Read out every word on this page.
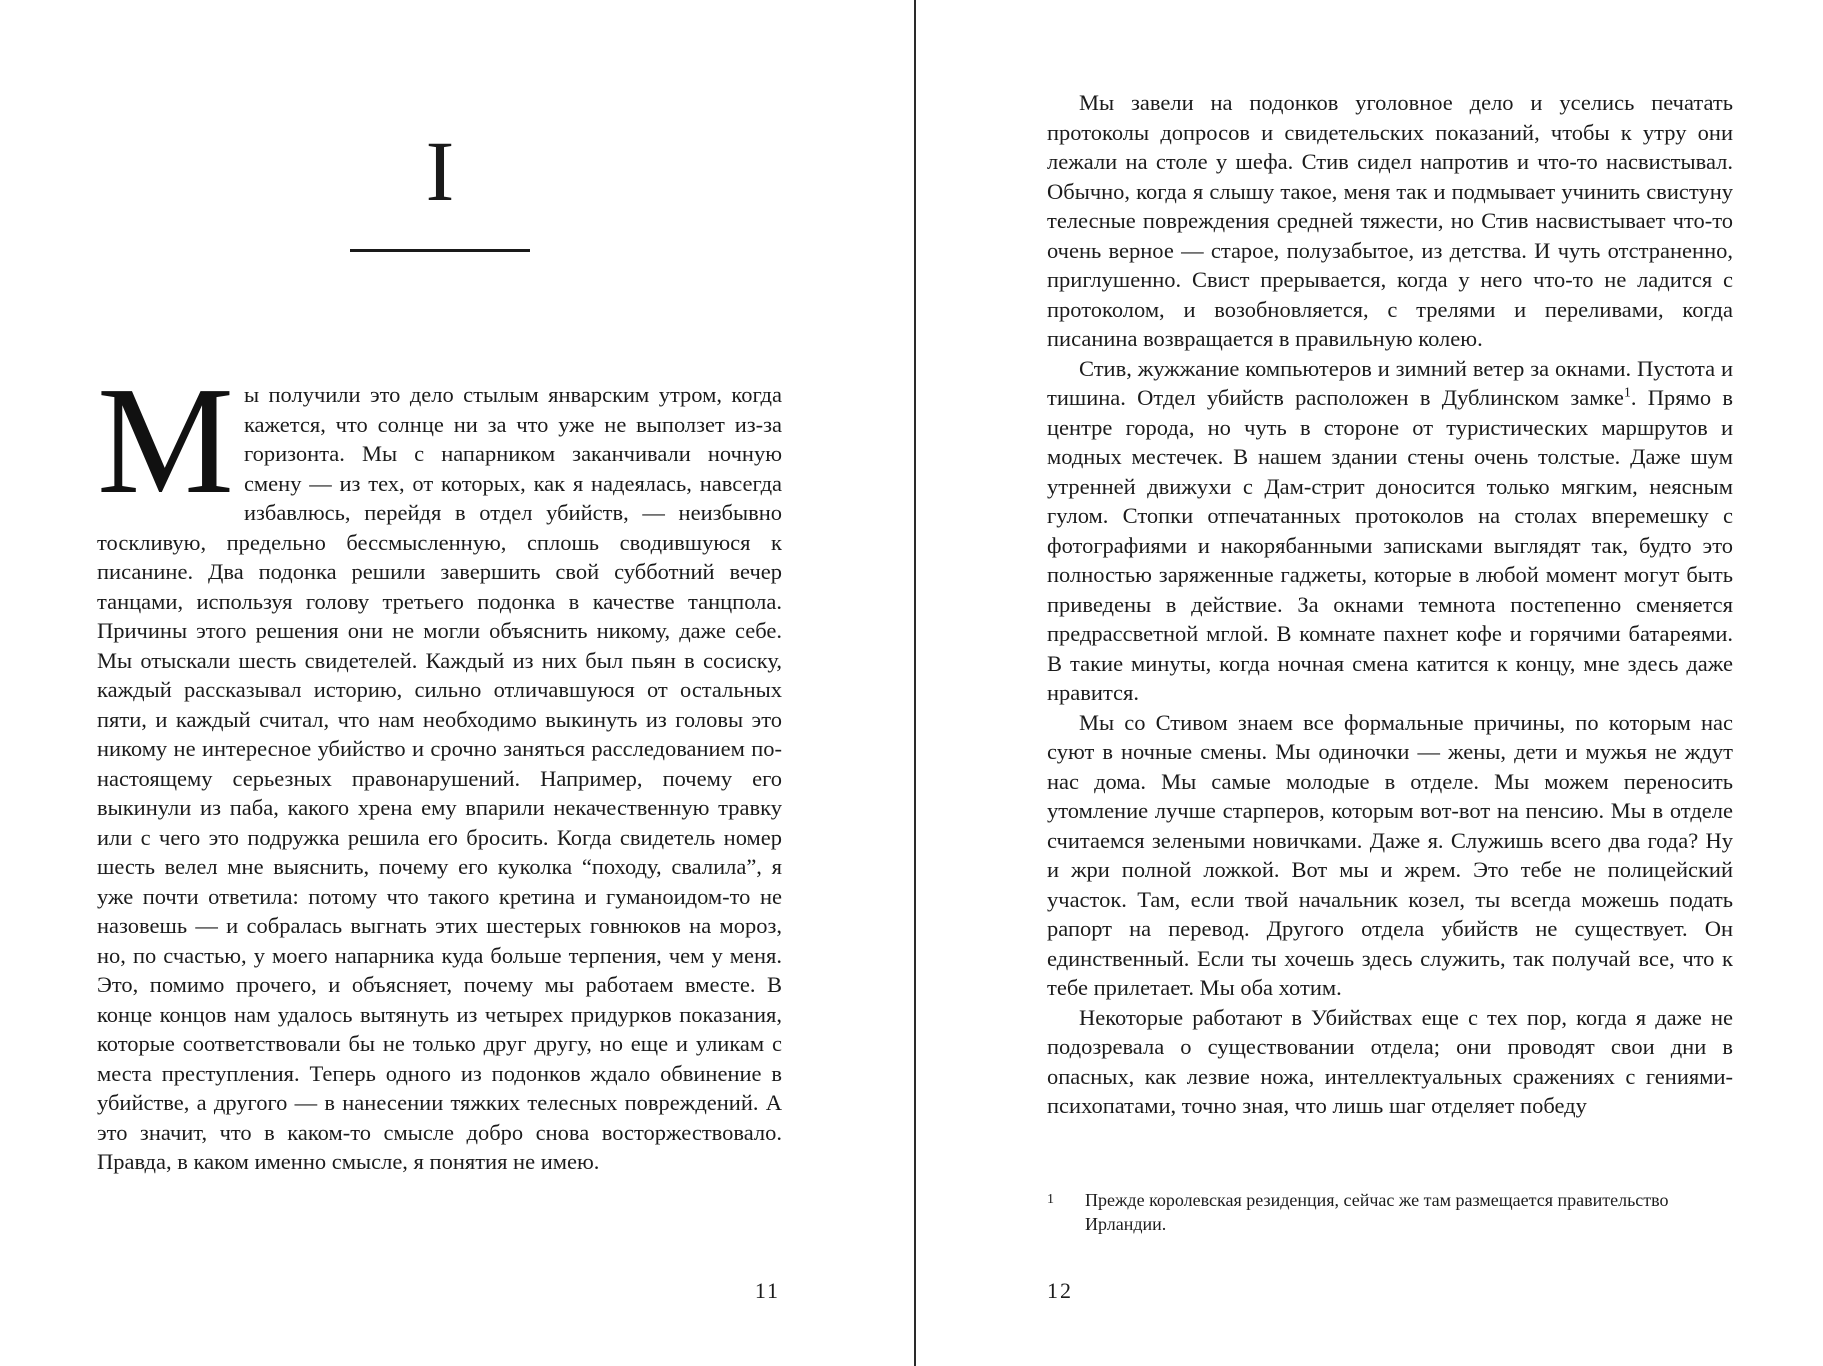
I
М ы получили это дело стылым январским утром, когда кажется, что солнце ни за что уже не выползет из-за горизонта. Мы с напарником заканчивали ночную смену — из тех, от которых, как я надеялась, навсегда избавлюсь, перейдя в отдел убийств, — неизбывно тоскливую, предельно бессмысленную, сплошь сводившуюся к писанине. Два подонка решили завершить свой субботний вечер танцами, используя голову третьего подонка в качестве танцпола. Причины этого решения они не могли объяснить никому, даже себе. Мы отыскали шесть свидетелей. Каждый из них был пьян в сосиску, каждый рассказывал историю, сильно отличавшуюся от остальных пяти, и каждый считал, что нам необходимо выкинуть из головы это никому не интересное убийство и срочно заняться расследованием по-настоящему серьезных правонарушений. Например, почему его выкинули из паба, какого хрена ему впарили некачественную травку или с чего это подружка решила его бросить. Когда свидетель номер шесть велел мне выяснить, почему его куколка “походу, свалила”, я уже почти ответила: потому что такого кретина и гуманоидом-то не назовешь — и собралась выгнать этих шестерых говнюков на мороз, но, по счастью, у моего напарника куда больше терпения, чем у меня. Это, помимо прочего, и объясняет, почему мы работаем вместе. В конце концов нам удалось вытянуть из четырех придурков показания, которые соответствовали бы не только друг другу, но еще и уликам с места преступления. Теперь одного из подонков ждало обвинение в убийстве, а другого — в нанесении тяжких телесных повреждений. А это значит, что в каком-то смысле добро снова восторжествовало. Правда, в каком именно смысле, я понятия не имею.
11

Мы завели на подонков уголовное дело и уселись печатать протоколы допросов и свидетельских показаний, чтобы к утру они лежали на столе у шефа. Стив сидел напротив и что-то насвистывал. Обычно, когда я слышу такое, меня так и подмывает учинить свистуну телесные повреждения средней тяжести, но Стив насвистывает что-то очень верное — старое, полузабытое, из детства. И чуть отстраненно, приглушенно. Свист прерывается, когда у него что-то не ладится с протоколом, и возобновляется, с трелями и переливами, когда писанина возвращается в правильную колею.

Стив, жужжание компьютеров и зимний ветер за окнами. Пустота и тишина. Отдел убийств расположен в Дублинском замке$^1$. Прямо в центре города, но чуть в стороне от туристических маршрутов и модных местечек. В нашем здании стены очень толстые. Даже шум утренней движухи с Дам-стрит доносится только мягким, неясным гулом. Стопки отпечатанных протоколов на столах вперемешку с фотографиями и накорябанными записками выглядят так, будто это полностью заряженные гаджеты, которые в любой момент могут быть приведены в действие. За окнами темнота постепенно сменяется предрассветной мглой. В комнате пахнет кофе и горячими батареями. В такие минуты, когда ночная смена катится к концу, мне здесь даже нравится.

Мы со Стивом знаем все формальные причины, по которым нас суют в ночные смены. Мы одиночки — жены, дети и мужья не ждут нас дома. Мы самые молодые в отделе. Мы можем переносить утомление лучше старперов, которым вот-вот на пенсию. Мы в отделе считаемся зелеными новичками. Даже я. Служишь всего два года? Ну и жри полной ложкой. Вот мы и жрем. Это тебе не полицейский участок. Там, если твой начальник козел, ты всегда можешь подать рапорт на перевод. Другого отдела убийств не существует. Он единственный. Если ты хочешь здесь служить, так получай все, что к тебе прилетает. Мы оба хотим.

Некоторые работают в Убийствах еще с тех пор, когда я даже не подозревала о существовании отдела; они проводят свои дни в опасных, как лезвие ножа, интеллектуальных сражениях с гениями-психопатами, точно зная, что лишь шаг отделяет победу

1	Прежде королевская резиденция, сейчас же там размещается правительство Ирландии.
12
